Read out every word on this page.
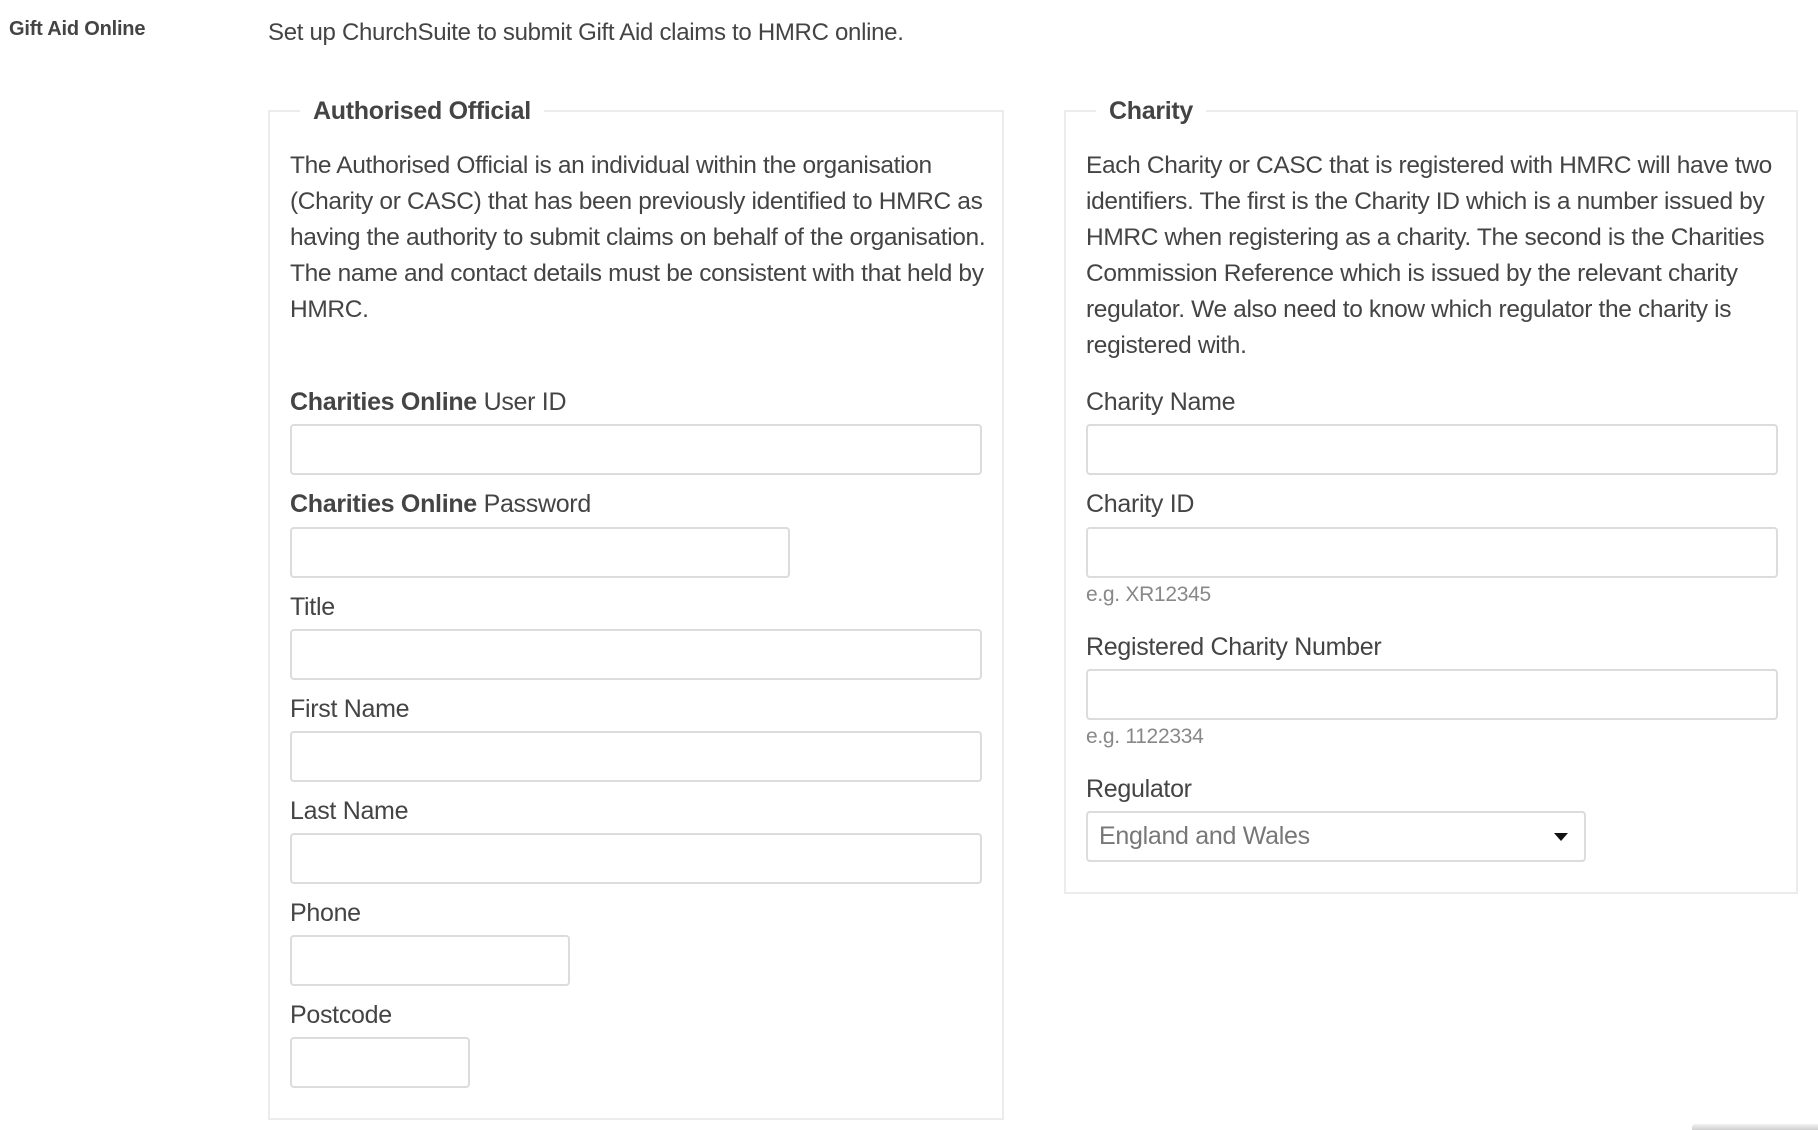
Gift Aid Online	Set up ChurchSuite to submit Gift Aid claims to HMRC online.
Authorised Official
The Authorised Official is an individual within the organisation (Charity or CASC) that has been previously identified to HMRC as having the authority to submit claims on behalf of the organisation. The name and contact details must be consistent with that held by HMRC.
Charities Online User ID
Charities Online Password
Title
First Name
Last Name
Phone
Postcode
Charity
Each Charity or CASC that is registered with HMRC will have two identifiers. The first is the Charity ID which is a number issued by HMRC when registering as a charity. The second is the Charities Commission Reference which is issued by the relevant charity regulator. We also need to know which regulator the charity is registered with.
Charity Name
Charity ID
e.g. XR12345
Registered Charity Number
e.g. 1122334
Regulator
England and Wales
